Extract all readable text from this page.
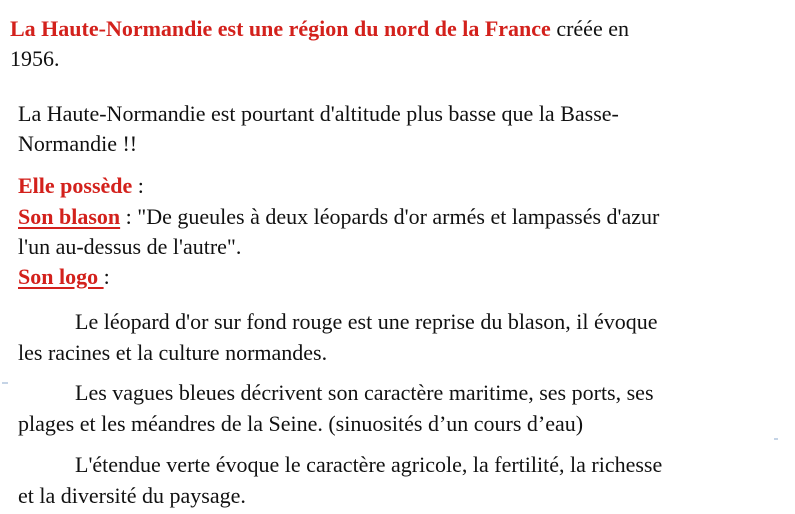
La Haute-Normandie est une région du nord de la France créée en
1956.
La Haute-Normandie est pourtant d'altitude plus basse que la Basse-
Normandie !!
Elle possède :
Son blason : "De gueules à deux léopards d'or armés et lampassés d'azur
l'un au-dessus de l'autre".
Son logo :
Le léopard d'or sur fond rouge est une reprise du blason, il évoque
les racines et la culture normandes.
Les vagues bleues décrivent son caractère maritime, ses ports, ses
plages et les méandres de la Seine. (sinuosités d’un cours d’eau)
L'étendue verte évoque le caractère agricole, la fertilité, la richesse
et la diversité du paysage.
